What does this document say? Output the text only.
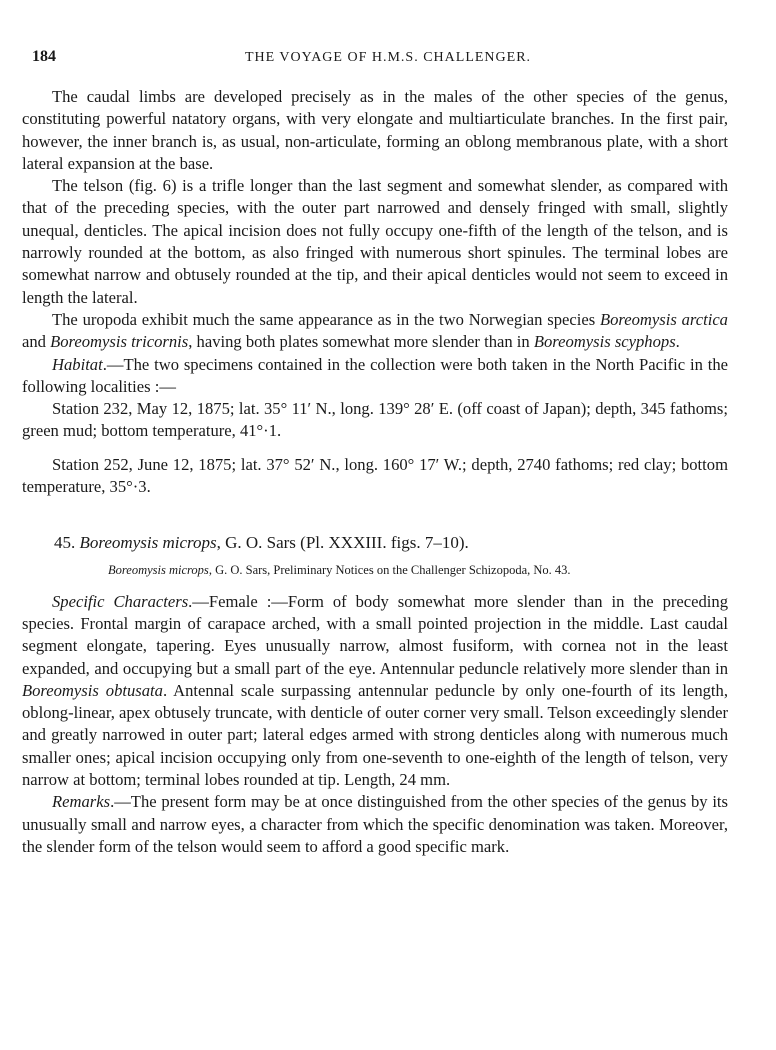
184	THE VOYAGE OF H.M.S. CHALLENGER.

The caudal limbs are developed precisely as in the males of the other species of the genus, constituting powerful natatory organs, with very elongate and multiarticulate branches. In the first pair, however, the inner branch is, as usual, non-articulate, forming an oblong membranous plate, with a short lateral expansion at the base.

The telson (fig. 6) is a trifle longer than the last segment and somewhat slender, as compared with that of the preceding species, with the outer part narrowed and densely fringed with small, slightly unequal, denticles. The apical incision does not fully occupy one-fifth of the length of the telson, and is narrowly rounded at the bottom, as also fringed with numerous short spinules. The terminal lobes are somewhat narrow and obtusely rounded at the tip, and their apical denticles would not seem to exceed in length the lateral.

The uropoda exhibit much the same appearance as in the two Norwegian species Boreomysis arctica and Boreomysis tricornis, having both plates somewhat more slender than in Boreomysis scyphops.

Habitat.—The two specimens contained in the collection were both taken in the North Pacific in the following localities :—

Station 232, May 12, 1875; lat. 35° 11′ N., long. 139° 28′ E. (off coast of Japan); depth, 345 fathoms; green mud; bottom temperature, 41°·1.

Station 252, June 12, 1875; lat. 37° 52′ N., long. 160° 17′ W.; depth, 2740 fathoms; red clay; bottom temperature, 35°·3.

45. Boreomysis microps, G. O. Sars (Pl. XXXIII. figs. 7–10).

Boreomysis microps, G. O. Sars, Preliminary Notices on the Challenger Schizopoda, No. 43.

Specific Characters.—Female :—Form of body somewhat more slender than in the preceding species. Frontal margin of carapace arched, with a small pointed projection in the middle. Last caudal segment elongate, tapering. Eyes unusually narrow, almost fusiform, with cornea not in the least expanded, and occupying but a small part of the eye. Antennular peduncle relatively more slender than in Boreomysis obtusata. Antennal scale surpassing antennular peduncle by only one-fourth of its length, oblong-linear, apex obtusely truncate, with denticle of outer corner very small. Telson exceedingly slender and greatly narrowed in outer part; lateral edges armed with strong denticles along with numerous much smaller ones; apical incision occupying only from one-seventh to one-eighth of the length of telson, very narrow at bottom; terminal lobes rounded at tip. Length, 24 mm.

Remarks.—The present form may be at once distinguished from the other species of the genus by its unusually small and narrow eyes, a character from which the specific denomination was taken. Moreover, the slender form of the telson would seem to afford a good specific mark.
